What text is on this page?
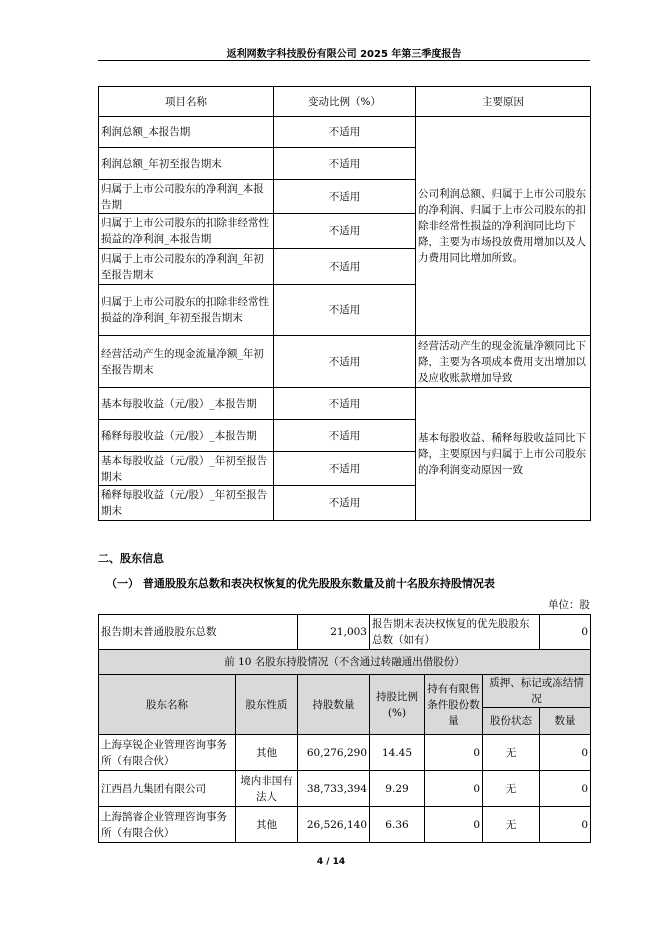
返利网数字科技股份有限公司 2025 年第三季度报告
项目名称	变动比例（%）	主要原因
利润总额_本报告期	不适用	公司利润总额、归属于上市公司股东的净利润、归属于上市公司股东的扣除非经常性损益的净利润同比均下降，主要为市场投放费用增加以及人力费用同比增加所致。
利润总额_年初至报告期末	不适用	
归属于上市公司股东的净利润_本报告期	不适用	
归属于上市公司股东的扣除非经常性损益的净利润_本报告期	不适用	
归属于上市公司股东的净利润_年初至报告期末	不适用	
归属于上市公司股东的扣除非经常性损益的净利润_年初至报告期末	不适用	
经营活动产生的现金流量净额_年初至报告期末	不适用	经营活动产生的现金流量净额同比下降，主要为各项成本费用支出增加以及应收账款增加导致
基本每股收益（元/股）_本报告期	不适用	基本每股收益、稀释每股收益同比下降，主要原因与归属于上市公司股东的净利润变动原因一致
稀释每股收益（元/股）_本报告期	不适用	
基本每股收益（元/股）_年初至报告期末	不适用	
稀释每股收益（元/股）_年初至报告期末	不适用	
二、股东信息
（一） 普通股股东总数和表决权恢复的优先股股东数量及前十名股东持股情况表
单位：股
报告期末普通股股东总数		21,003	报告期末表决权恢复的优先股股东总数（如有）			0
前 10 名股东持股情况（不含通过转融通出借股份）						
股东名称	股东性质	持股数量	持股比例(%)	持有有限售条件股份数量	质押、标记或冻结情况	
					股份状态	数量
上海享锐企业管理咨询事务所（有限合伙）	其他	60,276,290	14.45	0	无	0
江西昌九集团有限公司	境内非国有法人	38,733,394	9.29	0	无	0
上海鹄睿企业管理咨询事务所（有限合伙）	其他	26,526,140	6.36	0	无	0
4 / 14
